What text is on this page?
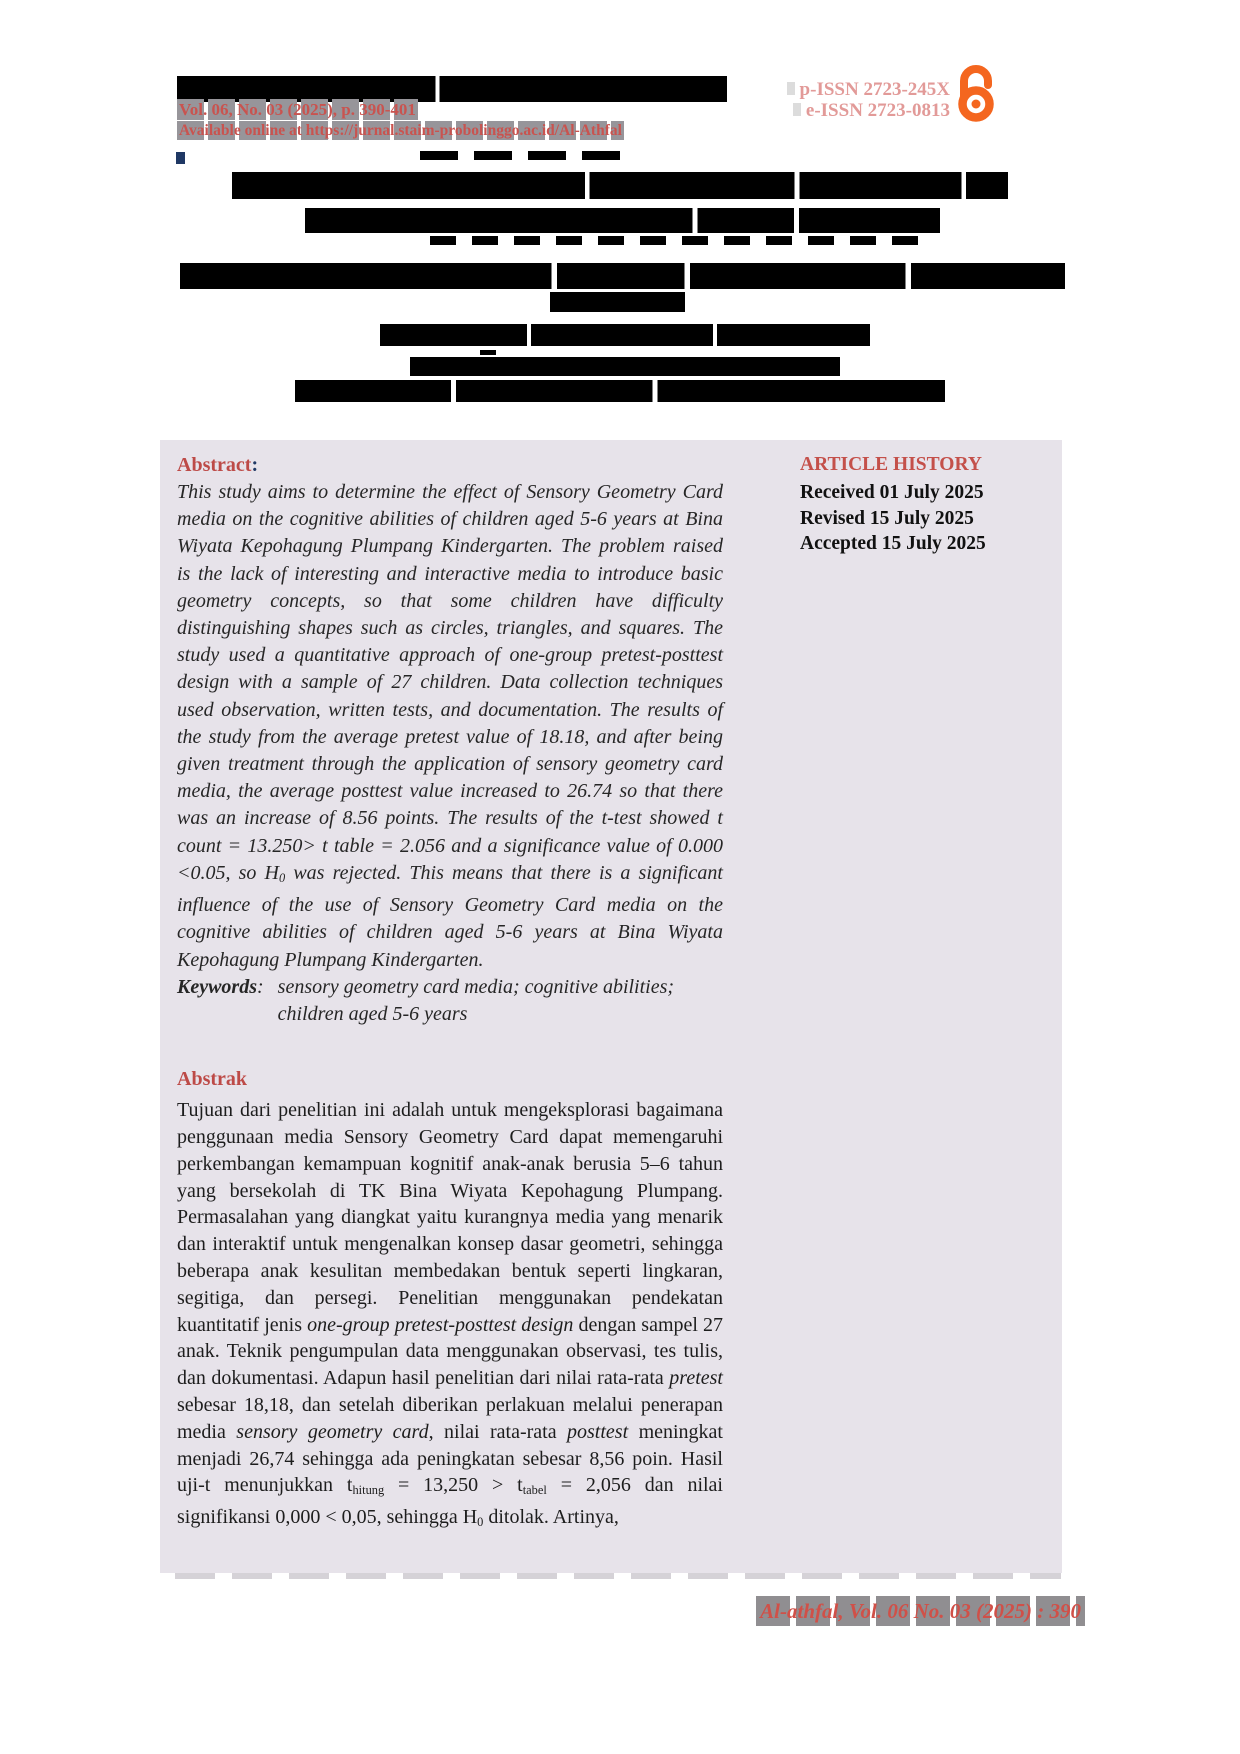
Vol. 06, No. 03 (2025), p. 390-401
Available online at https://jurnal.staim-probolinggo.ac.id/Al-Athfal
p-ISSN 2723-245X
e-ISSN 2723-0813
Abstract:

This study aims to determine the effect of Sensory Geometry Card media on the cognitive abilities of children aged 5-6 years at Bina Wiyata Kepohagung Plumpang Kindergarten. The problem raised is the lack of interesting and interactive media to introduce basic geometry concepts, so that some children have difficulty distinguishing shapes such as circles, triangles, and squares. The study used a quantitative approach of one-group pretest-posttest design with a sample of 27 children. Data collection techniques used observation, written tests, and documentation. The results of the study from the average pretest value of 18.18, and after being given treatment through the application of sensory geometry card media, the average posttest value increased to 26.74 so that there was an increase of 8.56 points. The results of the t-test showed t count = 13.250> t table = 2.056 and a significance value of 0.000 <0.05, so H0 was rejected. This means that there is a significant influence of the use of Sensory Geometry Card media on the cognitive abilities of children aged 5-6 years at Bina Wiyata Kepohagung Plumpang Kindergarten.

Keywords: sensory geometry card media; cognitive abilities; children aged 5-6 years
Abstrak

Tujuan dari penelitian ini adalah untuk mengeksplorasi bagaimana penggunaan media Sensory Geometry Card dapat memengaruhi perkembangan kemampuan kognitif anak-anak berusia 5–6 tahun yang bersekolah di TK Bina Wiyata Kepohagung Plumpang. Permasalahan yang diangkat yaitu kurangnya media yang menarik dan interaktif untuk mengenalkan konsep dasar geometri, sehingga beberapa anak kesulitan membedakan bentuk seperti lingkaran, segitiga, dan persegi. Penelitian menggunakan pendekatan kuantitatif jenis one-group pretest-posttest design dengan sampel 27 anak. Teknik pengumpulan data menggunakan observasi, tes tulis, dan dokumentasi. Adapun hasil penelitian dari nilai rata-rata pretest sebesar 18,18, dan setelah diberikan perlakuan melalui penerapan media sensory geometry card, nilai rata-rata posttest meningkat menjadi 26,74 sehingga ada peningkatan sebesar 8,56 poin. Hasil uji-t menunjukkan thitung = 13,250 > ttabel = 2,056 dan nilai signifikansi 0,000 < 0,05, sehingga H0 ditolak. Artinya,

ARTICLE HISTORY
Received 01 July 2025
Revised 15 July 2025
Accepted 15 July 2025
Al-athfal, Vol. 06 No. 03 (2025) : 390
